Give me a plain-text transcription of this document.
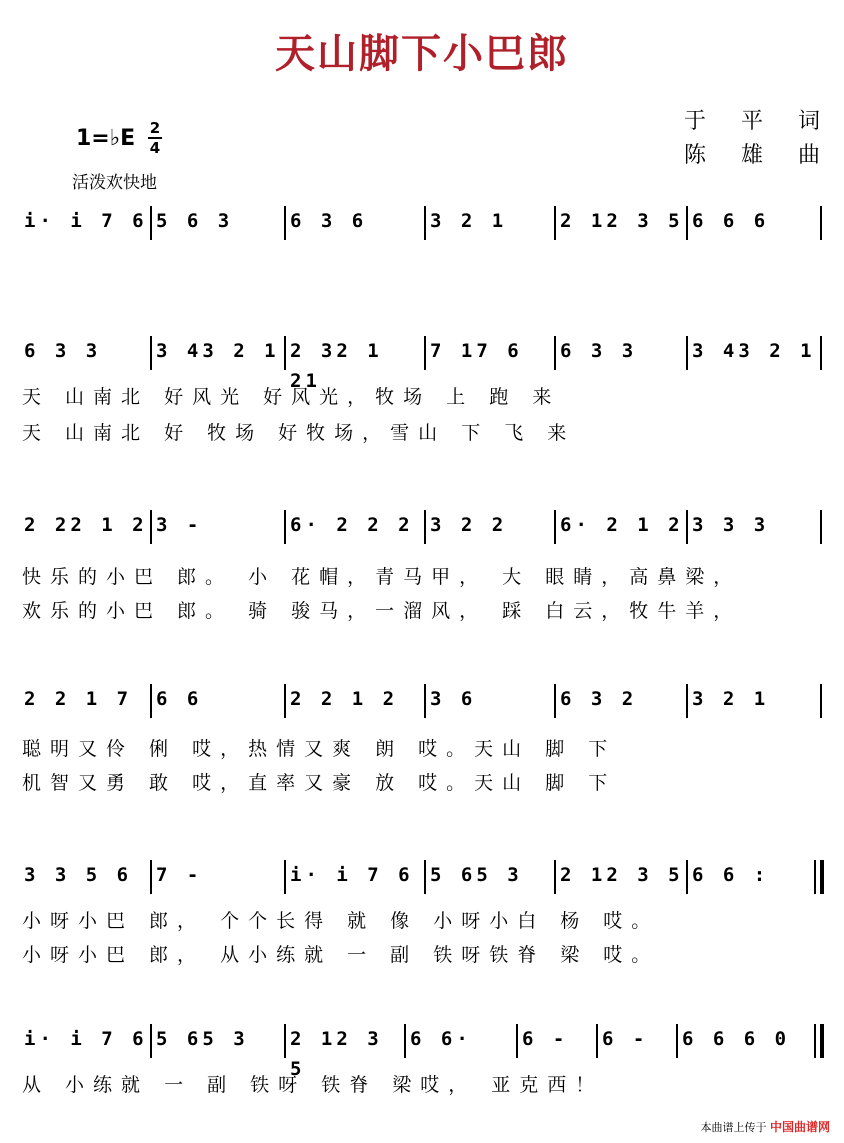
天山脚下小巴郎
于 平 词
陈 雄 曲
1=♭E 2
4
活泼欢快地
i· i 7 6 5 6 3	6 3 6	3 2 1	2 12 3 5 6 6 6
6 3 3	3 43 2 1 2 32 1 21
7 17 6	6 3 3	3 43 2 1
天 山南北 好风光 好风光，牧场 上 跑 来
天 山南北 好 牧场 好牧场，雪山 下 飞 来
2 22 1 2 3 -	6· 2 2 2 3 2 2	6· 2 1 2 3 3 3
快乐的小巴 郎。 小 花帽，青马甲， 大 眼睛，高鼻梁，
欢乐的小巴 郎。 骑 骏马，一溜风， 踩 白云，牧牛羊，
2 2 1 7	6 6	2 2 1 2	3 6	6 3 2	3 2 1
聪明又伶 俐 哎，热情又爽 朗 哎。天山 脚 下
机智又勇 敢 哎，直率又豪 放 哎。天山 脚 下
3 3 5 6	7 -	i· i 7 6 5 65 3	2 12 3 5 6 6 :
小呀小巴 郎， 个个长得 就 像 小呀小白 杨 哎。
小呀小巴 郎， 从小练就 一 副 铁呀铁脊 梁 哎。
i· i 7 6 5 65 3	2 12 3 5
6 6·	6 -	6 -	6 6 6 0
从 小练就 一 副 铁呀 铁脊 梁哎， 亚克西！
本曲谱上传于 中国曲谱网
